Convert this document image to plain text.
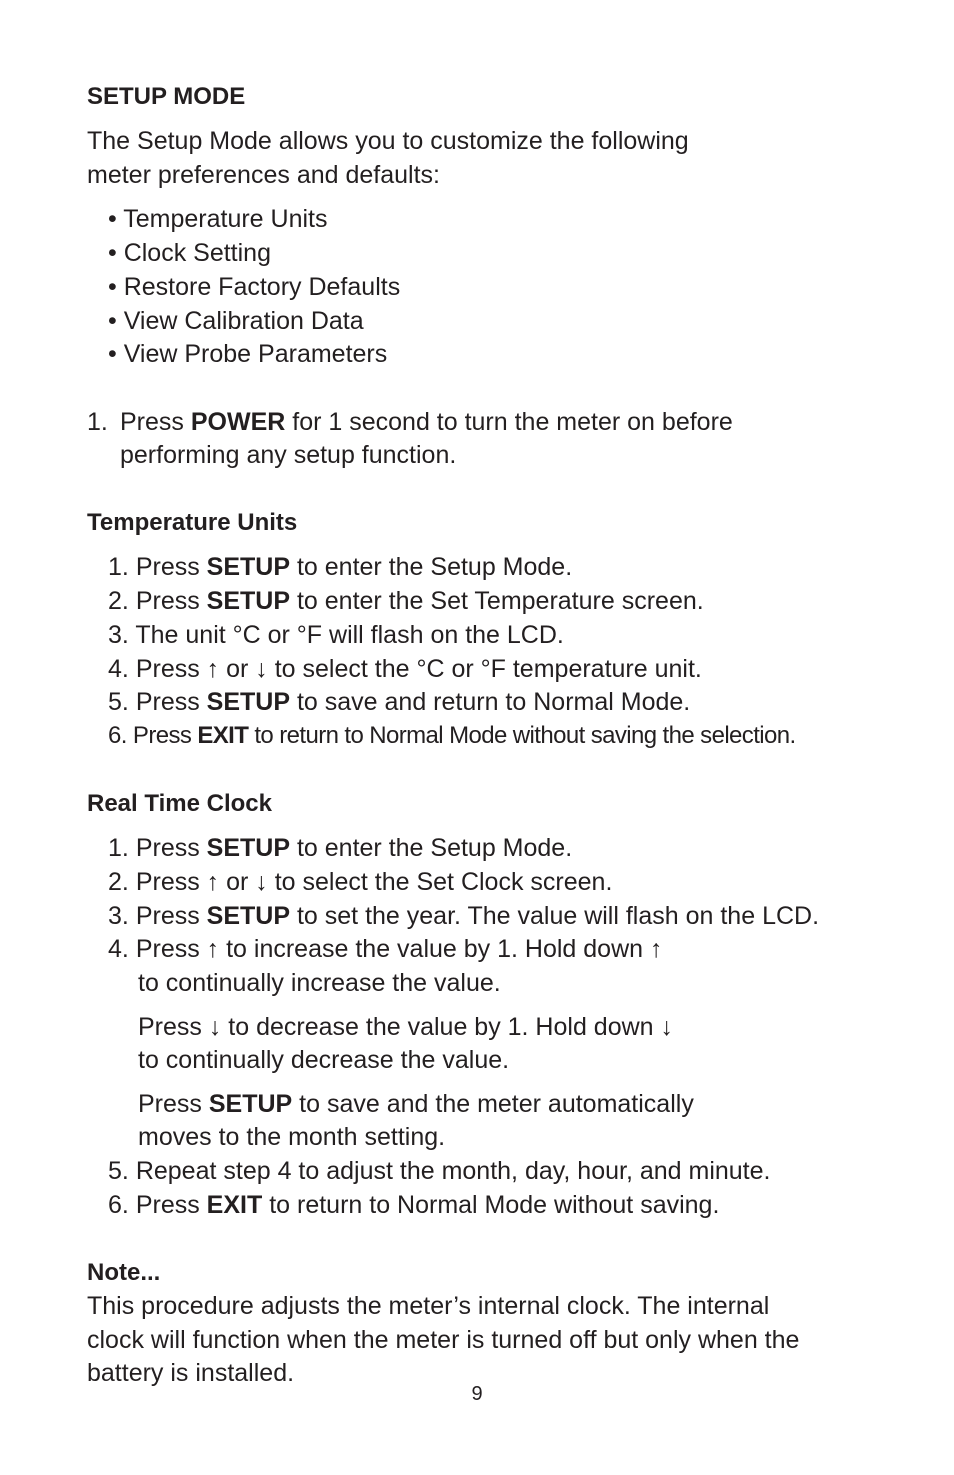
SETUP MODE
The Setup Mode allows you to customize the following
meter preferences and defaults:
• Temperature Units
• Clock Setting
• Restore Factory Defaults
• View Calibration Data
• View Probe Parameters
1. Press POWER for 1 second to turn the meter on before
performing any setup function.
Temperature Units
1. Press SETUP to enter the Setup Mode.
2. Press SETUP to enter the Set Temperature screen.
3. The unit °C or °F will flash on the LCD.
4. Press ↑ or ↓ to select the °C or °F temperature unit.
5. Press SETUP to save and return to Normal Mode.
6. Press EXIT to return to Normal Mode without saving the selection.
Real Time Clock
1. Press SETUP to enter the Setup Mode.
2. Press ↑ or ↓ to select the Set Clock screen.
3. Press SETUP to set the year. The value will flash on the LCD.
4. Press ↑ to increase the value by 1. Hold down ↑
to continually increase the value.
Press ↓ to decrease the value by 1. Hold down ↓
to continually decrease the value.
Press SETUP to save and the meter automatically
moves to the month setting.
5. Repeat step 4 to adjust the month, day, hour, and minute.
6. Press EXIT to return to Normal Mode without saving.
Note...
This procedure adjusts the meter’s internal clock. The internal
clock will function when the meter is turned off but only when the
battery is installed.
9
